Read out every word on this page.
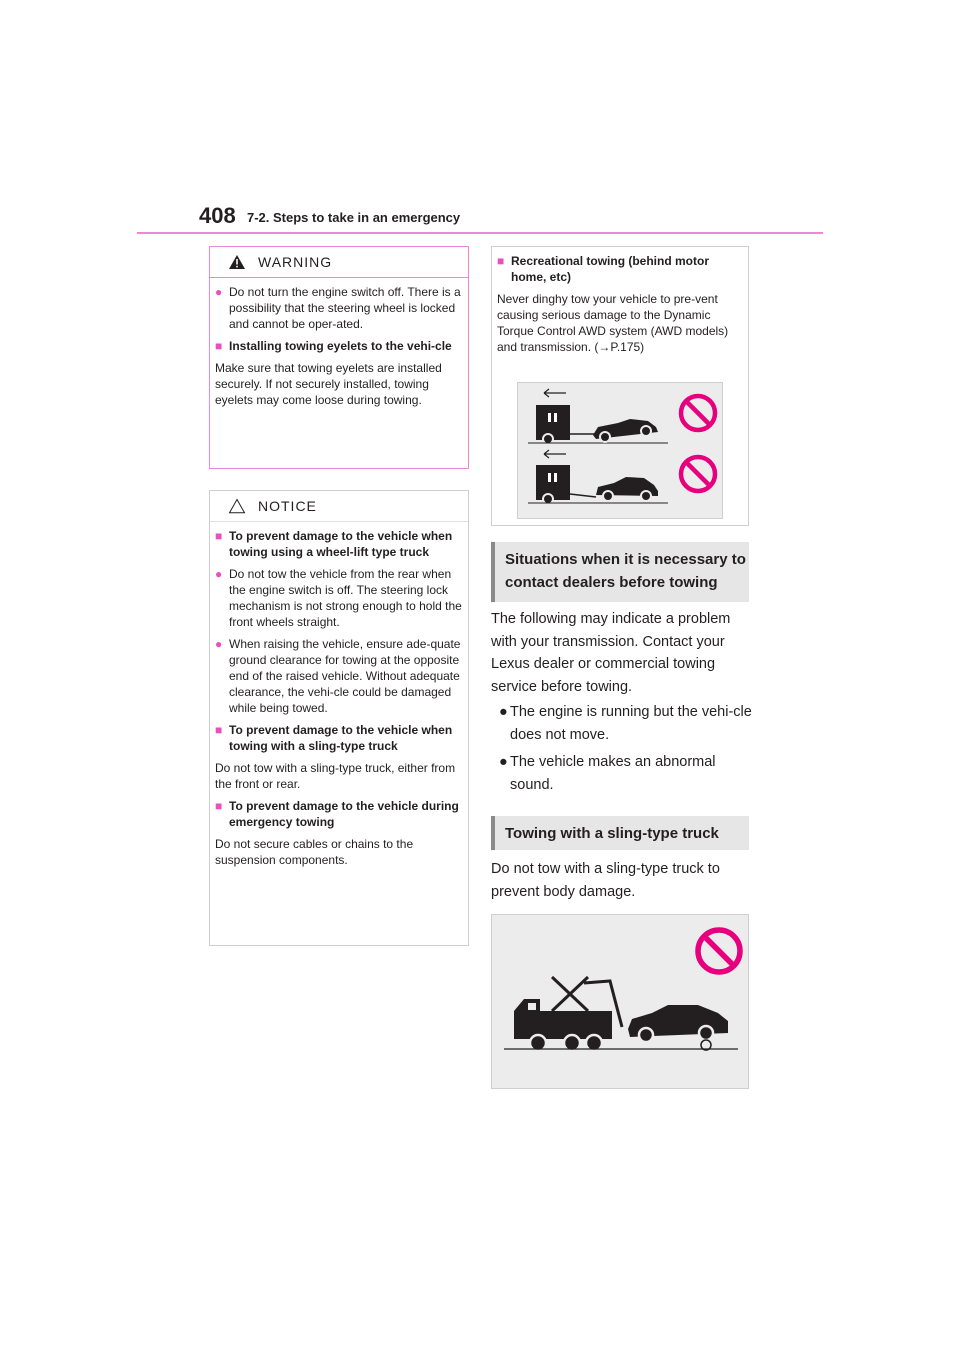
408 7-2. Steps to take in an emergency
WARNING
● Do not turn the engine switch off. There is a possibility that the steering wheel is locked and cannot be oper-ated.
■ Installing towing eyelets to the vehi-cle
Make sure that towing eyelets are installed securely. If not securely installed, towing eyelets may come loose during towing.
NOTICE
■ To prevent damage to the vehicle when towing using a wheel-lift type truck
● Do not tow the vehicle from the rear when the engine switch is off. The steering lock mechanism is not strong enough to hold the front wheels straight.
● When raising the vehicle, ensure ade-quate ground clearance for towing at the opposite end of the raised vehicle. Without adequate clearance, the vehi-cle could be damaged while being towed.
■ To prevent damage to the vehicle when towing with a sling-type truck
Do not tow with a sling-type truck, either from the front or rear.
■ To prevent damage to the vehicle during emergency towing
Do not secure cables or chains to the suspension components.
■ Recreational towing (behind motor home, etc)
Never dinghy tow your vehicle to pre-vent causing serious damage to the Dynamic Torque Control AWD system (AWD models) and transmission. (→P.175)
Situations when it is necessary to contact dealers before towing
The following may indicate a problem with your transmission. Contact your Lexus dealer or commercial towing service before towing.
● The engine is running but the vehi-cle does not move.
● The vehicle makes an abnormal sound.
Towing with a sling-type truck
Do not tow with a sling-type truck to prevent body damage.
